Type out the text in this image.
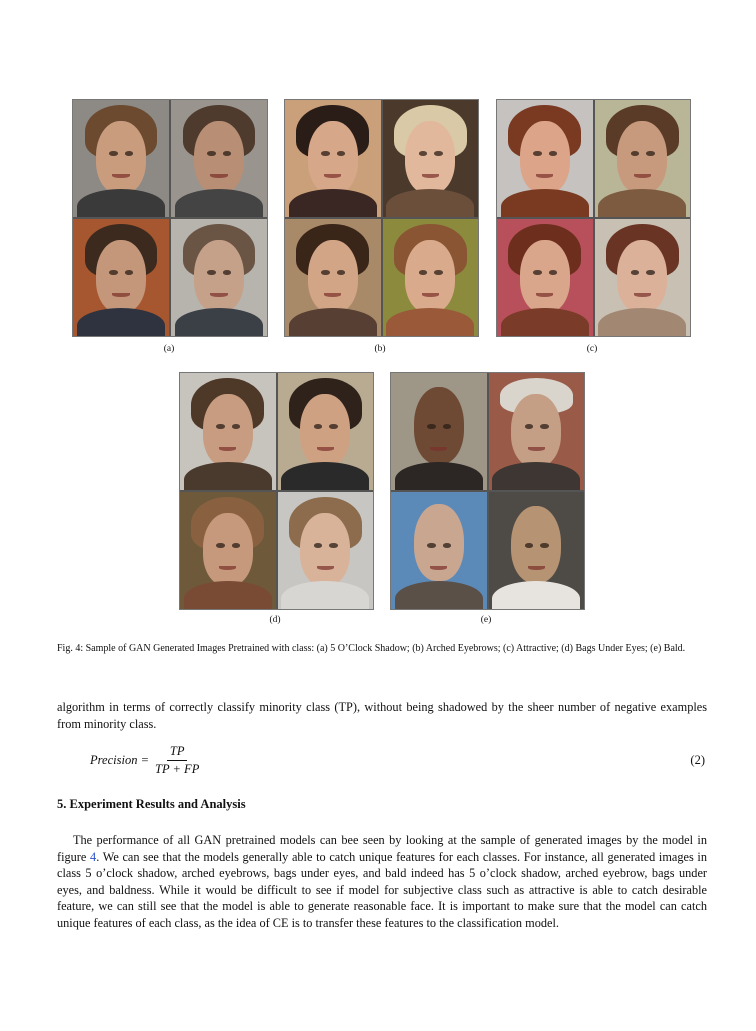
(a)	(b)	(c)
(d)	(e)
Fig. 4: Sample of GAN Generated Images Pretrained with class: (a) 5 O’Clock Shadow; (b) Arched Eyebrows; (c) Attractive; (d) Bags Under Eyes; (e) Bald.
algorithm in terms of correctly classify minority class (TP), without being shadowed by the sheer number of negative examples from minority class.
Precision = $\frac{TP}{TP + FP}$	(2)
5. Experiment Results and Analysis
The performance of all GAN pretrained models can bee seen by looking at the sample of generated images by the model in figure 4. We can see that the models generally able to catch unique features for each classes. For instance, all generated images in class 5 o’clock shadow, arched eyebrows, bags under eyes, and bald indeed has 5 o’clock shadow, arched eyebrow, bags under eyes, and baldness. While it would be difficult to see if model for subjective class such as attractive is able to catch desirable feature, we can still see that the model is able to generate reasonable face. It is important to make sure that the model can catch unique features of each class, as the idea of CE is to transfer these features to the classification model.
